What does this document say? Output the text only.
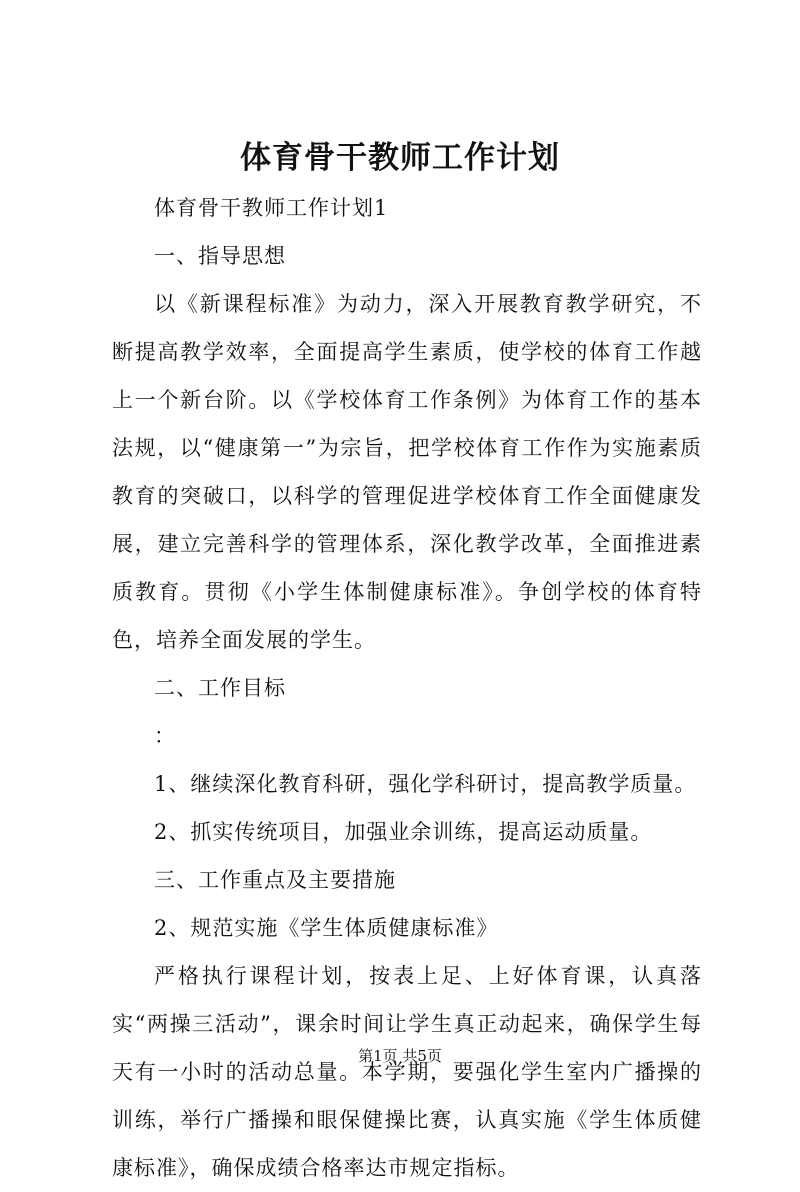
体育骨干教师工作计划

体育骨干教师工作计划1

一、指导思想

以《新课程标准》为动力，深入开展教育教学研究，不断提高教学效率，全面提高学生素质，使学校的体育工作越上一个新台阶。以《学校体育工作条例》为体育工作的基本法规，以“健康第一”为宗旨，把学校体育工作作为实施素质教育的突破口，以科学的管理促进学校体育工作全面健康发展，建立完善科学的管理体系，深化教学改革，全面推进素质教育。贯彻《小学生体制健康标准》。争创学校的体育特色，培养全面发展的学生。

二、工作目标

：

1、继续深化教育科研，强化学科研讨，提高教学质量。

2、抓实传统项目，加强业余训练，提高运动质量。

三、工作重点及主要措施

2、规范实施《学生体质健康标准》

严格执行课程计划，按表上足、上好体育课，认真落实“两操三活动”，课余时间让学生真正动起来，确保学生每天有一小时的活动总量。本学期，要强化学生室内广播操的训练，举行广播操和眼保健操比赛，认真实施《学生体质健康标准》，确保成绩合格率达市规定指标。

第1页 共5页
